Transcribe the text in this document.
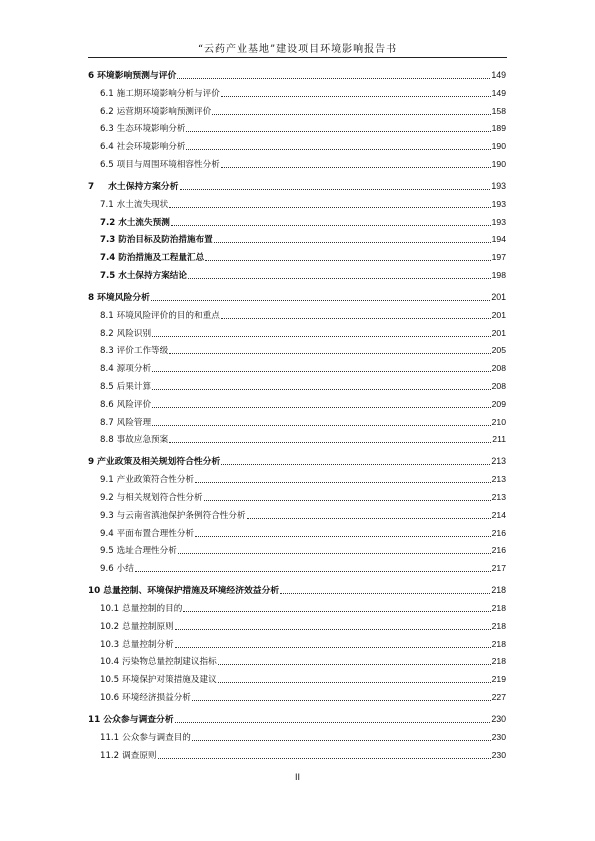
“云药产业基地”建设项目环境影响报告书
6 环境影响预测与评价	149
6.1 施工期环境影响分析与评价	149
6.2 运营期环境影响预测评价	158
6.3 生态环境影响分析	189
6.4 社会环境影响分析	190
6.5 项目与周围环境相容性分析	190
7 水土保持方案分析	193
7.1 水土流失现状	193
7.2 水土流失预测	193
7.3 防治目标及防治措施布置	194
7.4 防治措施及工程量汇总	197
7.5 水土保持方案结论	198
8 环境风险分析	201
8.1 环境风险评价的目的和重点	201
8.2 风险识别	201
8.3 评价工作等级	205
8.4 源项分析	208
8.5 后果计算	208
8.6 风险评价	209
8.7 风险管理	210
8.8 事故应急预案	211
9 产业政策及相关规划符合性分析	213
9.1 产业政策符合性分析	213
9.2 与相关规划符合性分析	213
9.3 与云南省滇池保护条例符合性分析	214
9.4 平面布置合理性分析	216
9.5 选址合理性分析	216
9.6 小结	217
10 总量控制、环境保护措施及环境经济效益分析	218
10.1 总量控制的目的	218
10.2 总量控制原则	218
10.3 总量控制分析	218
10.4 污染物总量控制建议指标	218
10.5 环境保护对策措施及建议	219
10.6 环境经济损益分析	227
11 公众参与调查分析	230
11.1 公众参与调查目的	230
11.2 调查原则	230
II
